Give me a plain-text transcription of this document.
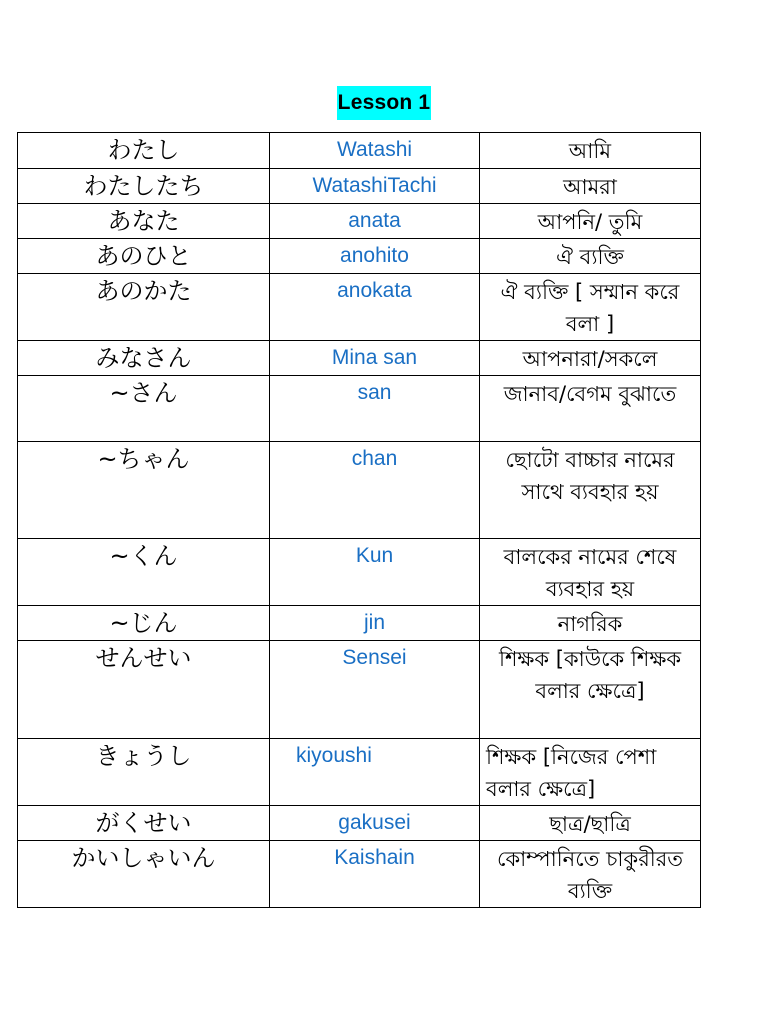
Lesson 1
わたし	Watashi	আমি
わたしたち	WatashiTachi	আমরা
あなた	anata	আপনি/ তুমি
あのひと	anohito	ঐ ব্যক্তি
あのかた	anokata	ঐ ব্যক্তি [ সম্মান করে বলা ]
みなさん	Mina san	আপনারা/সকলে
~さん	san	জানাব/বেগম বুঝাতে
~ちゃん	chan	ছোটো বাচ্চার নামের সাথে ব্যবহার হয়
~くん	Kun	বালকের নামের শেষে ব্যবহার হয়
~じん	jin	নাগরিক
せんせい	Sensei	শিক্ষক [কাউকে শিক্ষক বলার ক্ষেত্রে]
きょうし	kiyoushi	শিক্ষক [নিজের পেশা বলার ক্ষেত্রে]
がくせい	gakusei	ছাত্র/ছাত্রি
かいしゃいん	Kaishain	কোম্পানিতে চাকুরীরত ব্যক্তি
